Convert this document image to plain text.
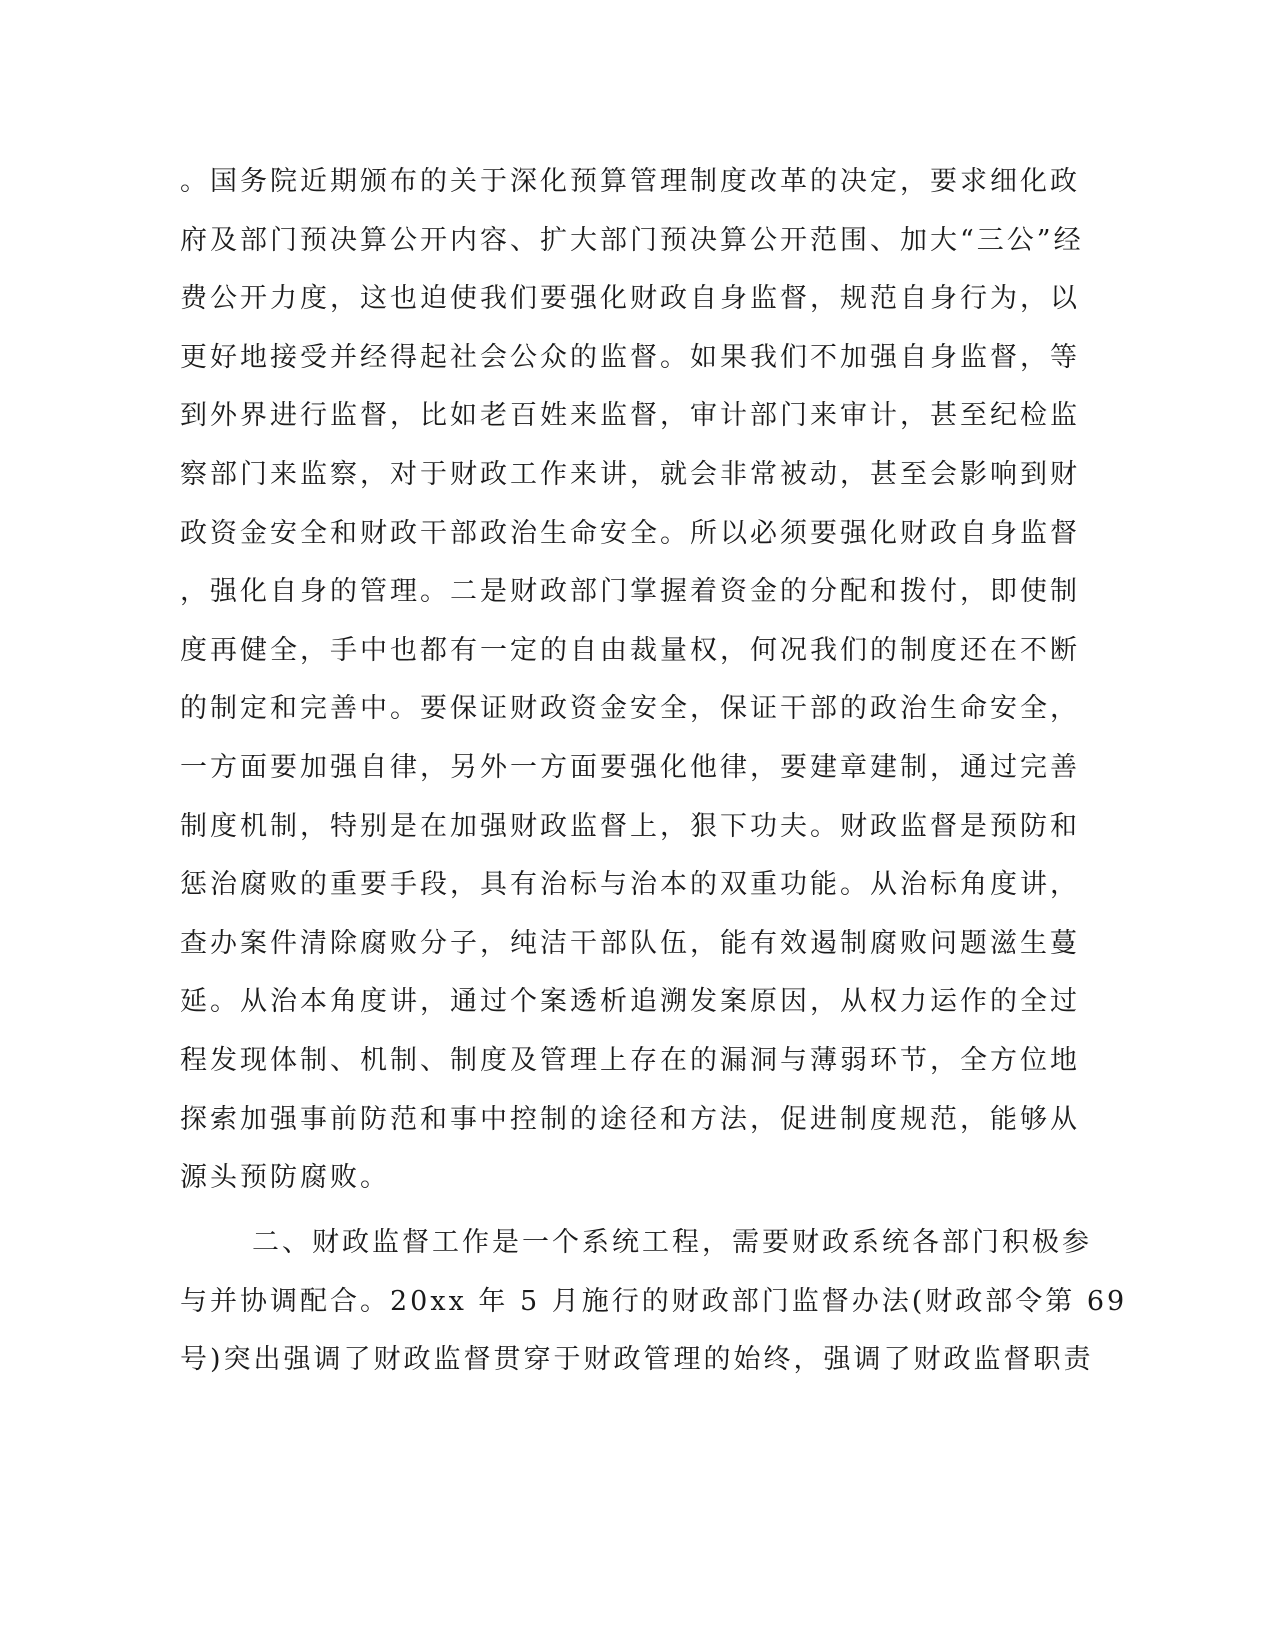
。国务院近期颁布的关于深化预算管理制度改革的决定，要求细化政
府及部门预决算公开内容、扩大部门预决算公开范围、加大“三公”经
费公开力度，这也迫使我们要强化财政自身监督，规范自身行为，以
更好地接受并经得起社会公众的监督。如果我们不加强自身监督，等
到外界进行监督，比如老百姓来监督，审计部门来审计，甚至纪检监
察部门来监察，对于财政工作来讲，就会非常被动，甚至会影响到财
政资金安全和财政干部政治生命安全。所以必须要强化财政自身监督
，强化自身的管理。二是财政部门掌握着资金的分配和拨付，即使制
度再健全，手中也都有一定的自由裁量权，何况我们的制度还在不断
的制定和完善中。要保证财政资金安全，保证干部的政治生命安全，
一方面要加强自律，另外一方面要强化他律，要建章建制，通过完善
制度机制，特别是在加强财政监督上，狠下功夫。财政监督是预防和
惩治腐败的重要手段，具有治标与治本的双重功能。从治标角度讲，
查办案件清除腐败分子，纯洁干部队伍，能有效遏制腐败问题滋生蔓
延。从治本角度讲，通过个案透析追溯发案原因，从权力运作的全过
程发现体制、机制、制度及管理上存在的漏洞与薄弱环节，全方位地
探索加强事前防范和事中控制的途径和方法，促进制度规范，能够从
源头预防腐败。
二、财政监督工作是一个系统工程，需要财政系统各部门积极参
与并协调配合。20xx 年 5 月施行的财政部门监督办法(财政部令第 69
号)突出强调了财政监督贯穿于财政管理的始终，强调了财政监督职责
